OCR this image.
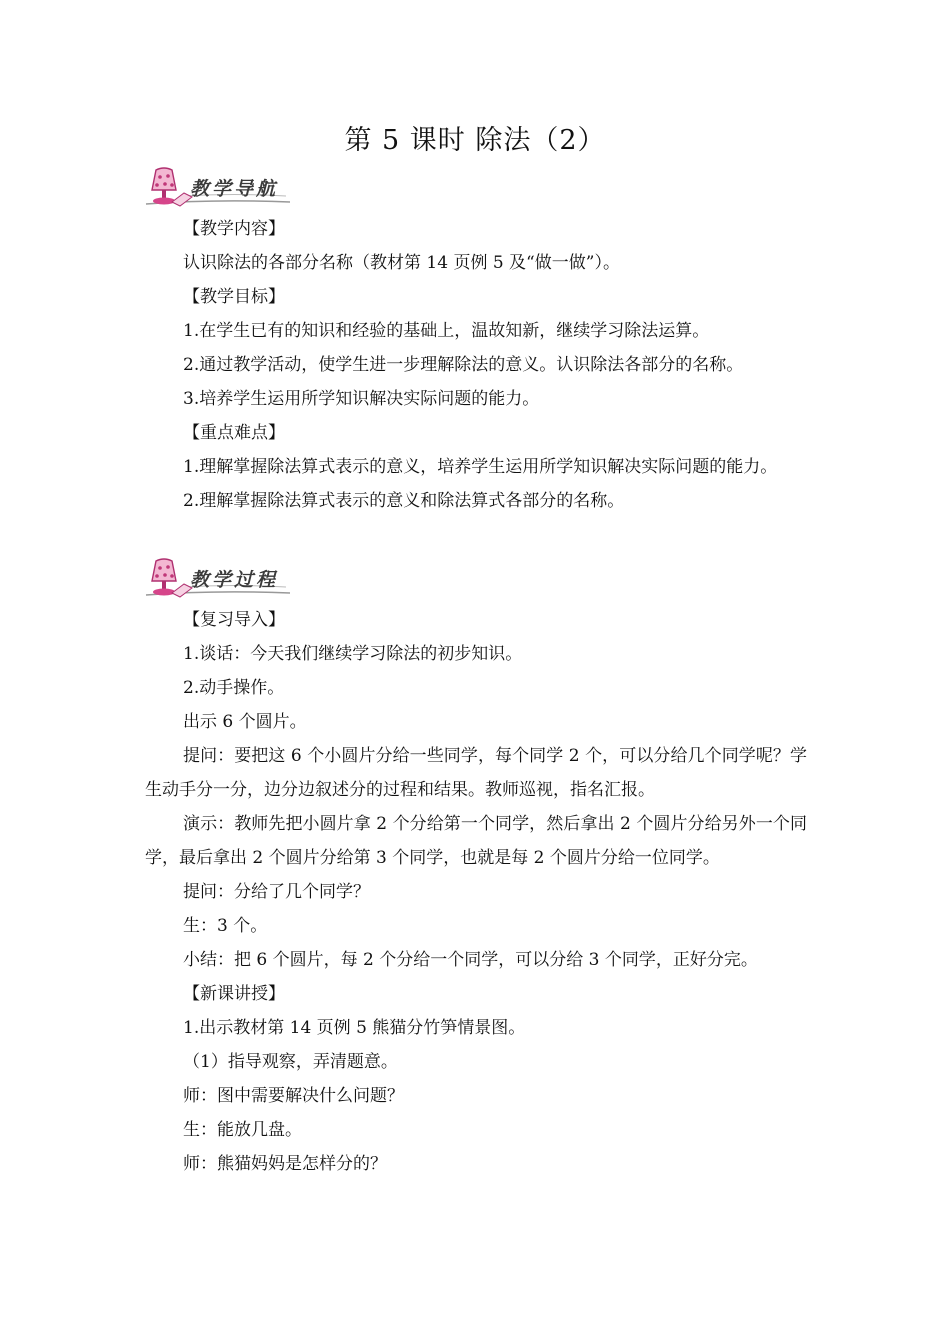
第 5 课时 除法（2）
教学导航

【教学内容】

认识除法的各部分名称（教材第 14 页例 5 及“做一做”）。

【教学目标】

1.在学生已有的知识和经验的基础上，温故知新，继续学习除法运算。

2.通过教学活动，使学生进一步理解除法的意义。认识除法各部分的名称。

3.培养学生运用所学知识解决实际问题的能力。

【重点难点】

1.理解掌握除法算式表示的意义，培养学生运用所学知识解决实际问题的能力。

2.理解掌握除法算式表示的意义和除法算式各部分的名称。

教学过程

【复习导入】

1.谈话：今天我们继续学习除法的初步知识。

2.动手操作。

出示 6 个圆片。

提问：要把这 6 个小圆片分给一些同学，每个同学 2 个，可以分给几个同学呢？学生动手分一分，边分边叙述分的过程和结果。教师巡视，指名汇报。

演示：教师先把小圆片拿 2 个分给第一个同学，然后拿出 2 个圆片分给另外一个同学，最后拿出 2 个圆片分给第 3 个同学，也就是每 2 个圆片分给一位同学。

提问：分给了几个同学？

生：3 个。

小结：把 6 个圆片，每 2 个分给一个同学，可以分给 3 个同学，正好分完。

【新课讲授】

1.出示教材第 14 页例 5 熊猫分竹笋情景图。

（1）指导观察，弄清题意。

师：图中需要解决什么问题？

生：能放几盘。

师：熊猫妈妈是怎样分的？
